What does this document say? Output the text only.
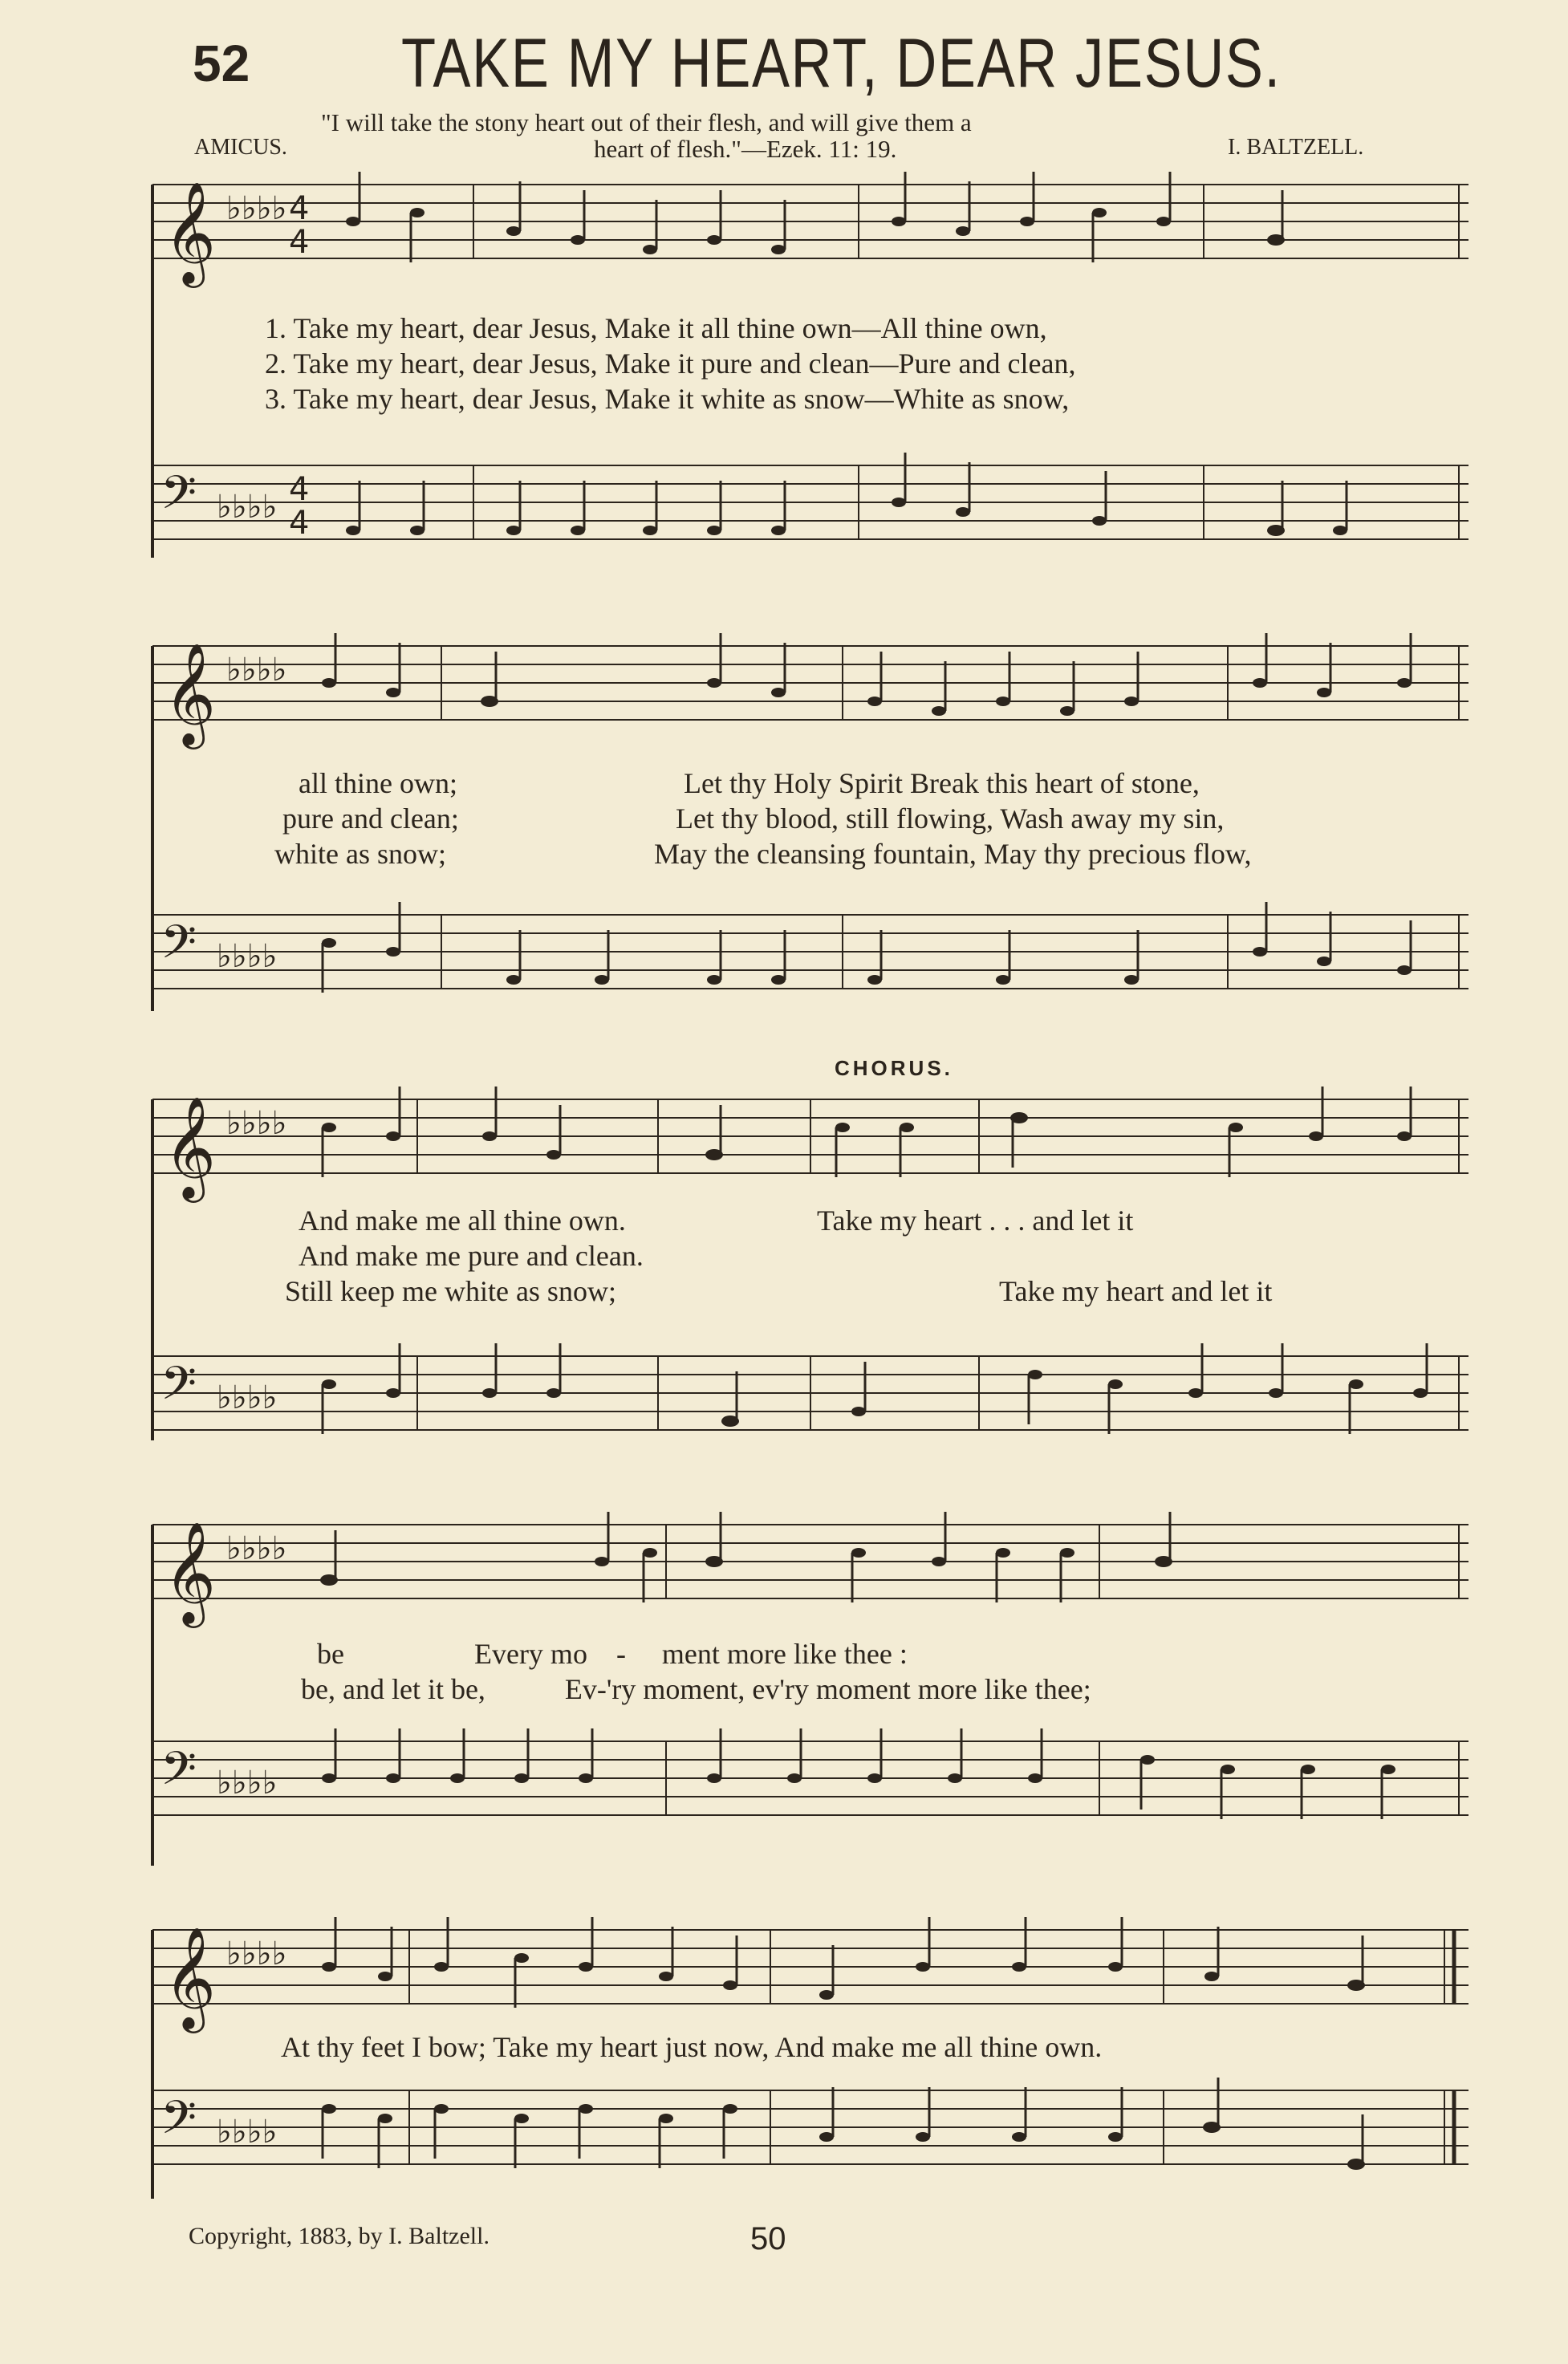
52 TAKE MY HEART, DEAR JESUS.
"I will take the stony heart out of their flesh, and will give them a
AMICUS.	heart of flesh."—Ezek. 11: 19.	I. BALTZELL.
𝄞 ♭♭♭♭ 4
4
1. Take my heart, dear Jesus, Make it all thine own—All thine own,
2. Take my heart, dear Jesus, Make it pure and clean—Pure and clean,
3. Take my heart, dear Jesus, Make it white as snow—White as snow,
𝄢 ♭♭♭♭ 4
4
𝄞 ♭♭♭♭
all thine own;
pure and clean;
white as snow;
Let thy Holy Spirit Break this heart of stone,
Let thy blood, still flowing, Wash away my sin,
May the cleansing fountain, May thy precious flow,
𝄢 ♭♭♭♭
CHORUS.
𝄞 ♭♭♭♭
And make me all thine own.	Take my heart . . . and let it
And make me pure and clean.
Still keep me white as snow;	Take my heart and let it
𝄢 ♭♭♭♭
𝄞 ♭♭♭♭
be                  Every mo    -     ment more like thee :
be, and let it be,           Ev-'ry moment, ev'ry moment more like thee;
𝄢 ♭♭♭♭
𝄞 ♭♭♭♭
At thy feet I bow; Take my heart just now, And make me all thine own.
𝄢 ♭♭♭♭
Copyright, 1883, by I. Baltzell.	50
